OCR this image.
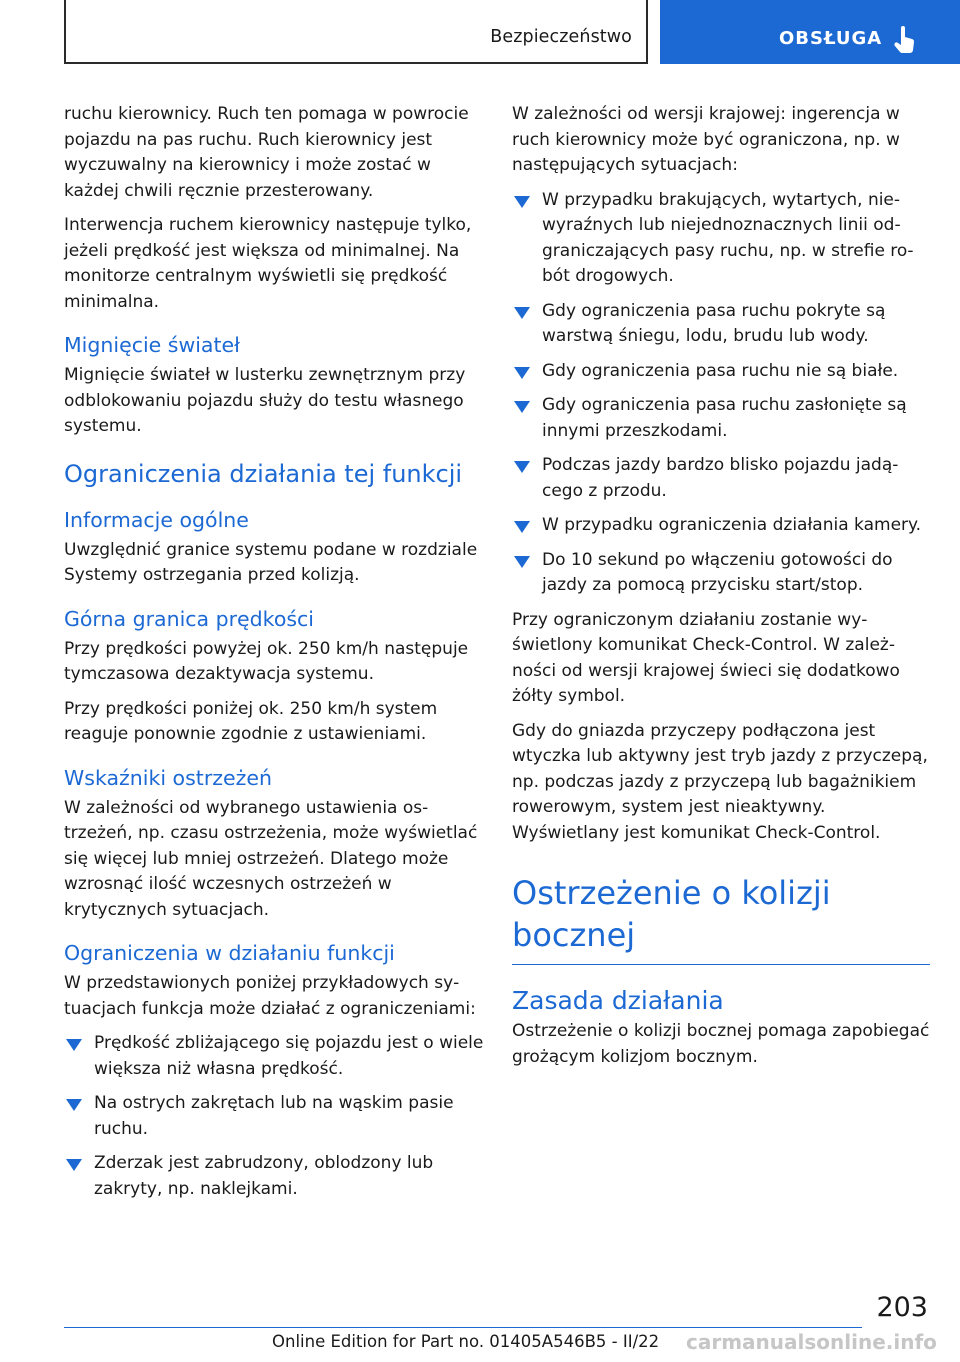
Bezpieczeństwo	OBSŁUGA

ruchu kierownicy. Ruch ten pomaga w powrocie pojazdu na pas ruchu. Ruch kierownicy jest wyczuwalny na kierownicy i może zostać w każdej chwili ręcznie przesterowany.

Interwencja ruchem kierownicy następuje tylko, jeżeli prędkość jest większa od minimalnej. Na monitorze centralnym wyświetli się prędkość minimalna.

Mignięcie świateł

Mignięcie świateł w lusterku zewnętrznym przy odblokowaniu pojazdu służy do testu własnego systemu.

Ograniczenia działania tej funkcji
Informacje ogólne

Uwzględnić granice systemu podane w rozdziale Systemy ostrzegania przed kolizją.

Górna granica prędkości

Przy prędkości powyżej ok. 250 km/h następuje tymczasowa dezaktywacja systemu.

Przy prędkości poniżej ok. 250 km/h system reaguje ponownie zgodnie z ustawieniami.

Wskaźniki ostrzeżeń

W zależności od wybranego ustawienia ostrzeżeń, np. czasu ostrzeżenia, może wyświetlać się więcej lub mniej ostrzeżeń. Dlatego może wzrosnąć ilość wczesnych ostrzeżeń w krytycznych sytuacjach.

Ograniczenia w działaniu funkcji

W przedstawionych poniżej przykładowych sytuacjach funkcja może działać z ograniczeniami:

Prędkość zbliżającego się pojazdu jest o wiele większa niż własna prędkość.
Na ostrych zakrętach lub na wąskim pasie ruchu.
Zderzak jest zabrudzony, oblodzony lub zakryty, np. naklejkami.

W zależności od wersji krajowej: ingerencja w ruch kierownicy może być ograniczona, np. w następujących sytuacjach:

W przypadku brakujących, wytartych, niewyraźnych lub niejednoznacznych linii odgraniczających pasy ruchu, np. w strefie robót drogowych.
Gdy ograniczenia pasa ruchu pokryte są warstwą śniegu, lodu, brudu lub wody.
Gdy ograniczenia pasa ruchu nie są białe.
Gdy ograniczenia pasa ruchu zasłonięte są innymi przeszkodami.
Podczas jazdy bardzo blisko pojazdu jadącego z przodu.
W przypadku ograniczenia działania kamery.
Do 10 sekund po włączeniu gotowości do jazdy za pomocą przycisku start/stop.

Przy ograniczonym działaniu zostanie wyświetlony komunikat Check-Control. W zależności od wersji krajowej świeci się dodatkowo żółty symbol.

Gdy do gniazda przyczepy podłączona jest wtyczka lub aktywny jest tryb jazdy z przyczepą, np. podczas jazdy z przyczepą lub bagażnikiem rowerowym, system jest nieaktywny. Wyświetlany jest komunikat Check-Control.

Ostrzeżenie o kolizji bocznej
Zasada działania

Ostrzeżenie o kolizji bocznej pomaga zapobiegać grożącym kolizjom bocznym.

203
Online Edition for Part no. 01405A546B5 - II/22 carmanualsonline.info
